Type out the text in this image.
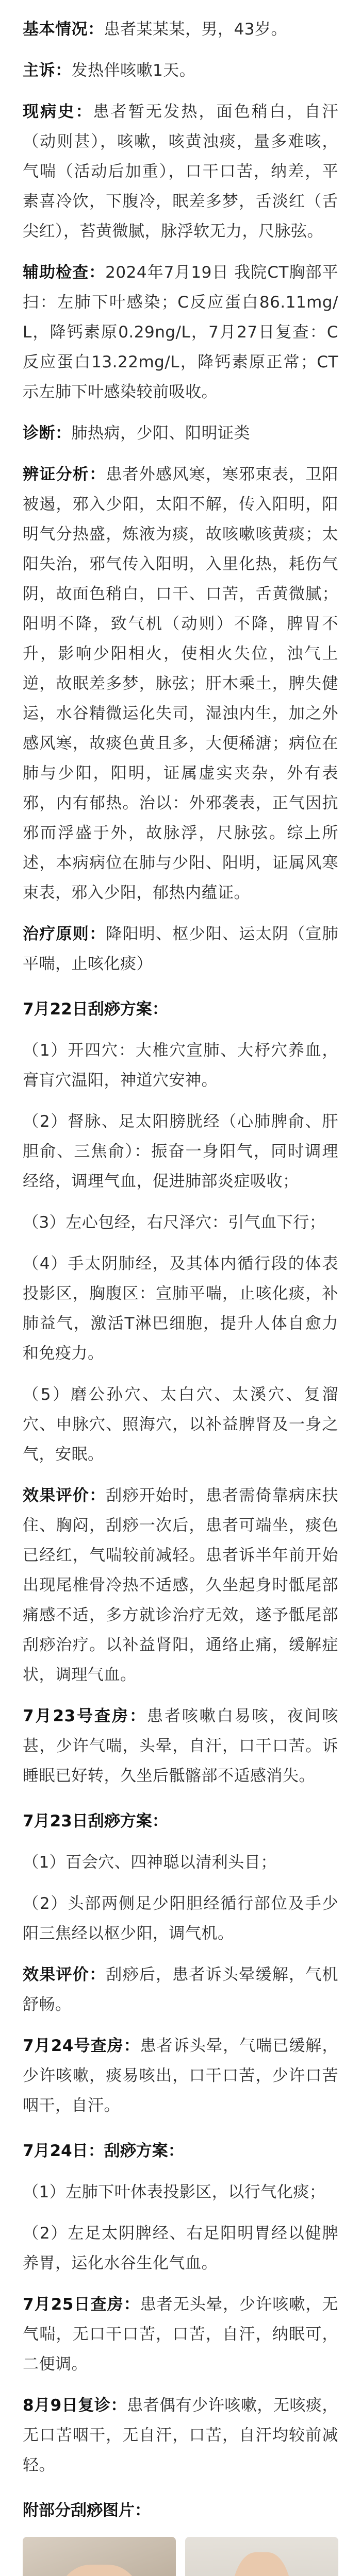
基本情况：患者某某某，男，43岁。

主诉：发热伴咳嗽1天。

现病史：患者暂无发热，面色稍白，自汗（动则甚），咳嗽，咳黄浊痰，量多难咳，气喘（活动后加重），口干口苦，纳差，平素喜冷饮，下腹冷，眠差多梦，舌淡红（舌尖红），苔黄微腻，脉浮软无力，尺脉弦。

辅助检查：2024年7月19日 我院CT胸部平扫：左肺下叶感染；C反应蛋白86.11mg/L，降钙素原0.29ng/L，7月27日复查：C反应蛋白13.22mg/L，降钙素原正常；CT示左肺下叶感染较前吸收。

诊断：肺热病，少阳、阳明证类

辨证分析：患者外感风寒，寒邪束表，卫阳被遏，邪入少阳，太阳不解，传入阳明，阳明气分热盛，炼液为痰，故咳嗽咳黄痰；太阳失治，邪气传入阳明，入里化热，耗伤气阴，故面色稍白，口干、口苦，舌黄微腻；阳明不降，致气机（动则）不降，脾胃不升，影响少阳相火，使相火失位，浊气上逆，故眠差多梦，脉弦；肝木乘土，脾失健运，水谷精微运化失司，湿浊内生，加之外感风寒，故痰色黄且多，大便稀溏；病位在肺与少阳，阳明，证属虚实夹杂，外有表邪，内有郁热。治以：外邪袭表，正气因抗邪而浮盛于外，故脉浮，尺脉弦。综上所述，本病病位在肺与少阳、阳明，证属风寒束表，邪入少阳，郁热内蕴证。

治疗原则：降阳明、枢少阳、运太阴（宣肺平喘，止咳化痰）

7月22日刮痧方案：

（1）开四穴：大椎穴宣肺、大杼穴养血，膏肓穴温阳，神道穴安神。

（2）督脉、足太阳膀胱经（心肺脾俞、肝胆俞、三焦俞）：振奋一身阳气，同时调理经络，调理气血，促进肺部炎症吸收；

（3）左心包经，右尺泽穴：引气血下行；

（4）手太阴肺经，及其体内循行段的体表投影区，胸腹区：宣肺平喘，止咳化痰，补肺益气，激活T淋巴细胞，提升人体自愈力和免疫力。

（5）磨公孙穴、太白穴、太溪穴、复溜穴、申脉穴、照海穴，以补益脾肾及一身之气，安眠。

效果评价：刮痧开始时，患者需倚靠病床扶住、胸闷，刮痧一次后，患者可端坐，痰色已经红，气喘较前减轻。患者诉半年前开始出现尾椎骨冷热不适感，久坐起身时骶尾部痛感不适，多方就诊治疗无效，遂予骶尾部刮痧治疗。以补益肾阳，通络止痛，缓解症状，调理气血。

7月23号查房：患者咳嗽白易咳，夜间咳甚，少许气喘，头晕，自汗，口干口苦。诉睡眠已好转，久坐后骶髂部不适感消失。

7月23日刮痧方案：

（1）百会穴、四神聪以清利头目；

（2）头部两侧足少阳胆经循行部位及手少阳三焦经以枢少阳，调气机。

效果评价：刮痧后，患者诉头晕缓解，气机舒畅。

7月24号查房：患者诉头晕，气喘已缓解，少许咳嗽，痰易咳出，口干口苦，少许口苦咽干，自汗。

7月24日：刮痧方案：

（1）左肺下叶体表投影区，以行气化痰；

（2）左足太阴脾经、右足阳明胃经以健脾养胃，运化水谷生化气血。

7月25日查房：患者无头晕，少许咳嗽，无气喘，无口干口苦，口苦，自汗，纳眠可，二便调。

8月9日复诊：患者偶有少许咳嗽，无咳痰，无口苦咽干，无自汗，口苦，自汗均较前减轻。

附部分刮痧图片：
